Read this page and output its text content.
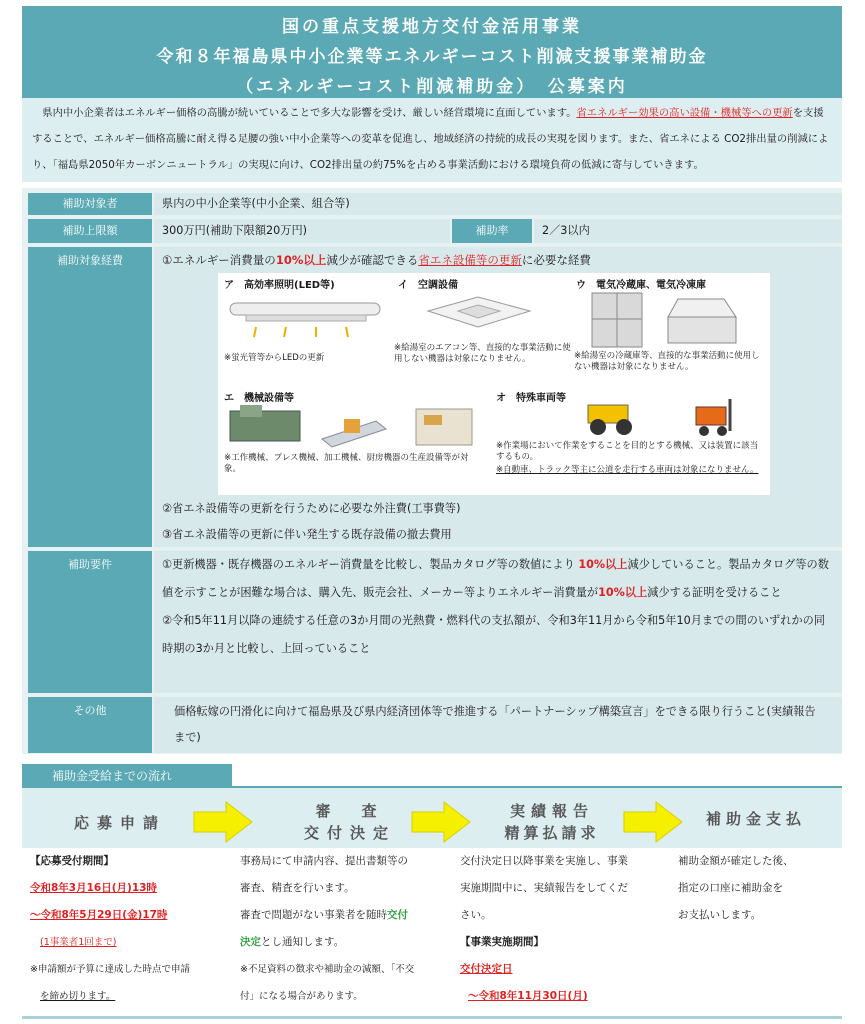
国の重点支援地方交付金活用事業
令和８年福島県中小企業等エネルギーコスト削減支援事業補助金
（エネルギーコスト削減補助金）　公募案内

県内中小企業者はエネルギー価格の高騰が続いていることで多大な影響を受け、厳しい経営環境に直面しています。省エネルギー効果の高い設備・機械等への更新を支援することで、エネルギー価格高騰に耐え得る足腰の強い中小企業等への変革を促進し、地域経済の持続的成長の実現を図ります。また、省エネによる CO2排出量の削減により、「福島県2050年カーボンニュートラル」の実現に向け、CO2排出量の約75%を占める事業活動における環境負荷の低減に寄与していきます。

補助対象者	県内の中小企業等(中小企業、組合等)
補助上限額	300万円(補助下限額20万円)	補助率	2／3以内
補助対象経費	①エネルギー消費量の10%以上減少が確認できる省エネ設備等の更新に必要な経費

②省エネ設備等の更新を行うために必要な外注費(工事費等)

③省エネ設備等の更新に伴い発生する既存設備の撤去費用

ア　高効率照明(LED等)
※蛍光管等からLEDの更新
イ　空調設備
※給湯室のエアコン等、直接的な事業活動に使用しない機器は対象になりません。
ウ　電気冷蔵庫、電気冷凍庫
※給湯室の冷蔵庫等、直接的な事業活動に使用しない機器は対象になりません。
エ　機械設備等
※工作機械、プレス機械、加工機械、厨房機器の生産設備等が対象。
オ　特殊車両等
※作業場において作業をすることを目的とする機械、又は装置に該当するもの。
※自動車、トラック等主に公道を走行する車両は対象になりません。
補助要件	①更新機器・既存機器のエネルギー消費量を比較し、製品カタログ等の数値により 10%以上減少していること。製品カタログ等の数値を示すことが困難な場合は、購入先、販売会社、メーカー等よりエネルギー消費量が10%以上減少する証明を受けること

②令和5年11月以降の連続する任意の3か月間の光熱費・燃料代の支払額が、令和3年11月から令和5年10月までの間のいずれかの同時期の3か月と比較し、上回っていること

その他	価格転嫁の円滑化に向けて福島県及び県内経済団体等で推進する「パートナーシップ構築宣言」をできる限り行うこと(実績報告まで)
補助金受給までの流れ
応募申請
審　査
交付決定
実績報告
精算払請求
補助金支払
【応募受付期間】
令和8年3月16日(月)13時
～令和8年5月29日(金)17時
(1事業者1回まで)
※申請額が予算に達成した時点で申請
を締め切ります。
事務局にて申請内容、提出書類等の
審査、精査を行います。
審査で問題がない事業者を随時交付
決定とし通知します。
※不足資料の徴求や補助金の減額、「不交
付」になる場合があります。
交付決定日以降事業を実施し、事業
実施期間中に、実績報告をしてくだ
さい。
【事業実施期間】
交付決定日
～令和8年11月30日(月)
補助金額が確定した後、
指定の口座に補助金を
お支払いします。
